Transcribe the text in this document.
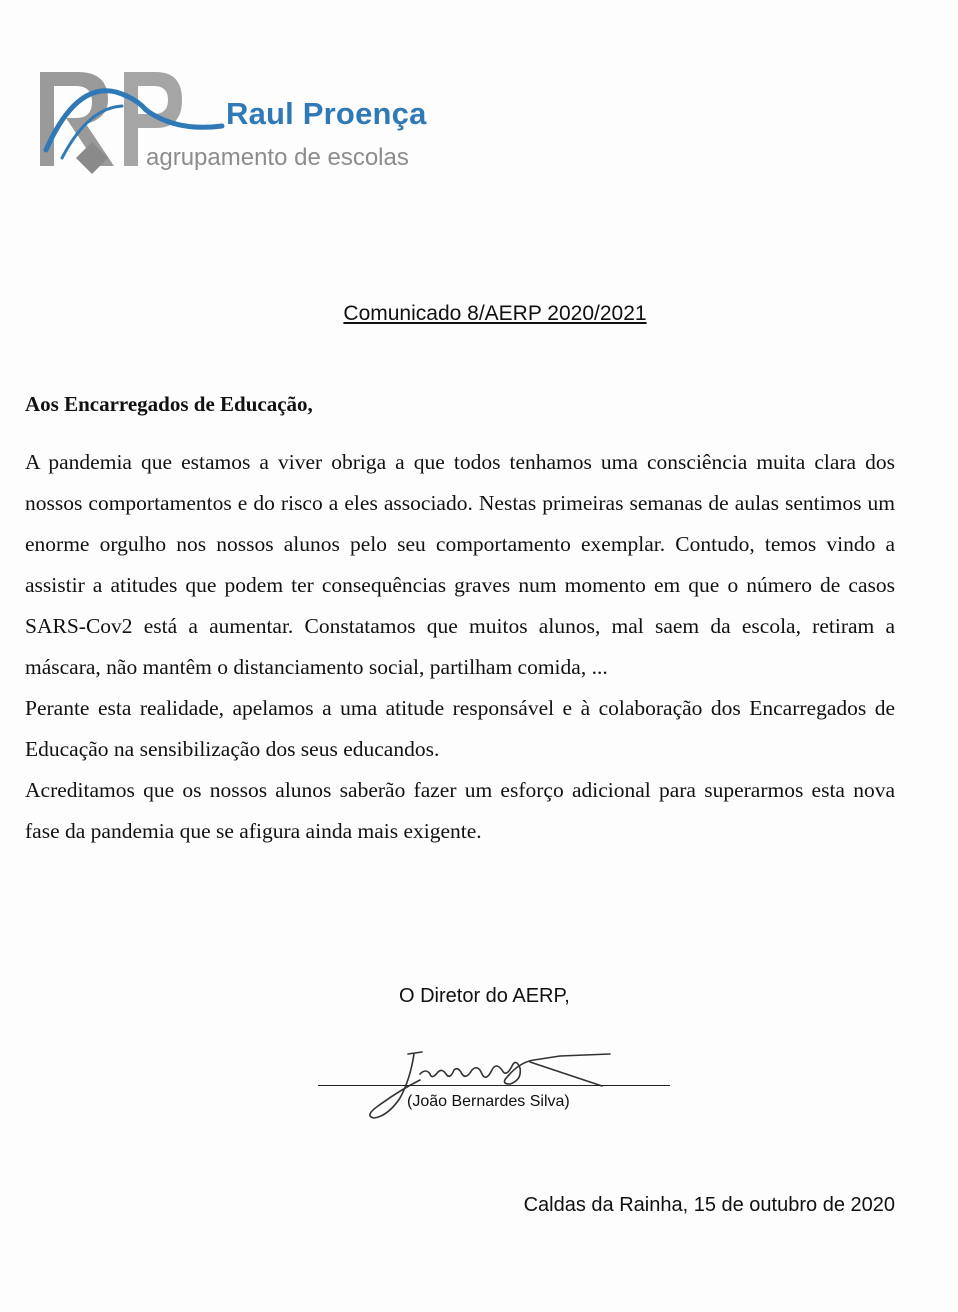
Raul Proença
agrupamento de escolas
Comunicado 8/AERP 2020/2021
Aos Encarregados de Educação,

A pandemia que estamos a viver obriga a que todos tenhamos uma consciência muita clara dos nossos comportamentos e do risco a eles associado. Nestas primeiras semanas de aulas sentimos um enorme orgulho nos nossos alunos pelo seu comportamento exemplar. Contudo, temos vindo a assistir a atitudes que podem ter consequências graves num momento em que o número de casos SARS-Cov2 está a aumentar. Constatamos que muitos alunos, mal saem da escola, retiram a máscara, não mantêm o distanciamento social, partilham comida, ...

Perante esta realidade, apelamos a uma atitude responsável e à colaboração dos Encarregados de Educação na sensibilização dos seus educandos.

Acreditamos que os nossos alunos saberão fazer um esforço adicional para superarmos esta nova fase da pandemia que se afigura ainda mais exigente.

O Diretor do AERP,
(João Bernardes Silva)
Caldas da Rainha, 15 de outubro de 2020
